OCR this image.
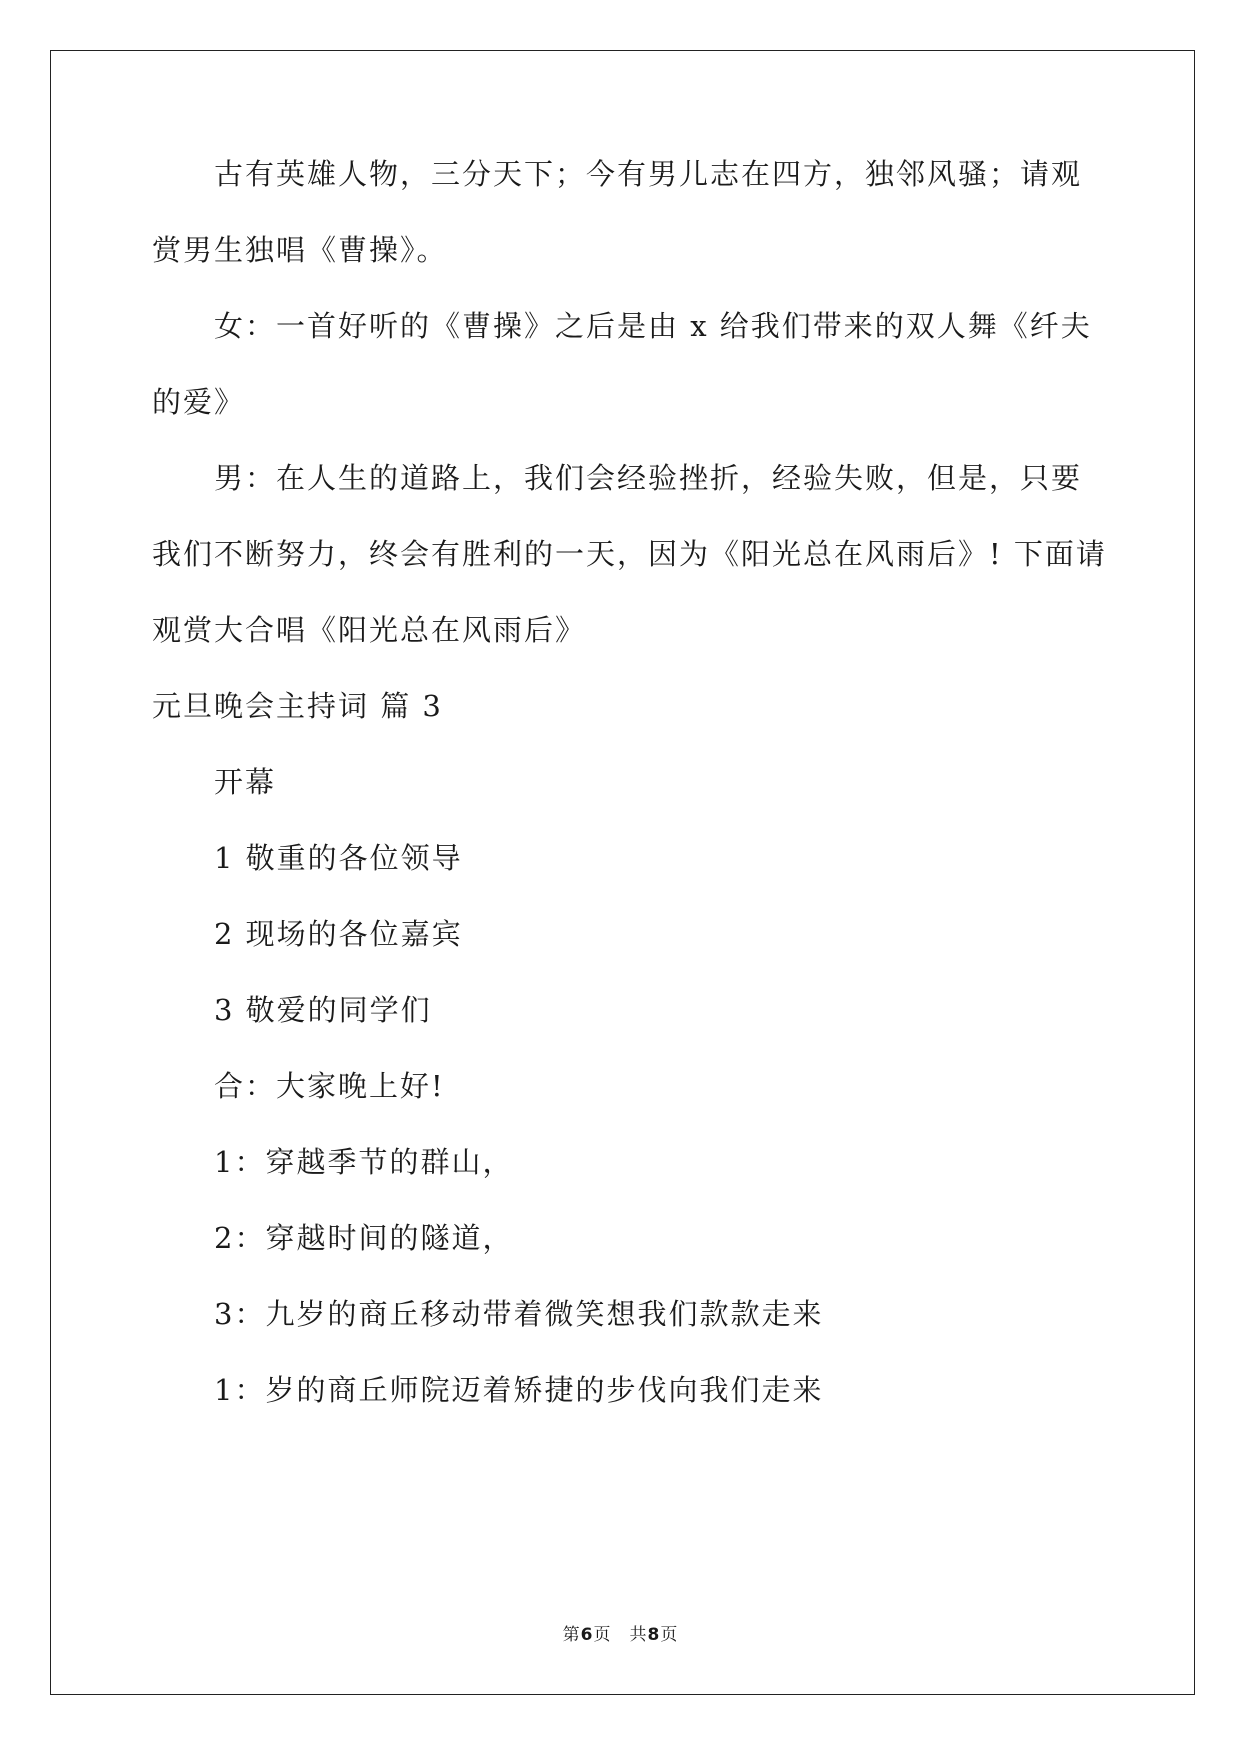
古有英雄人物，三分天下；今有男儿志在四方，独邻风骚；请观
赏男生独唱《曹操》。
女：一首好听的《曹操》之后是由 x 给我们带来的双人舞《纤夫
的爱》
男：在人生的道路上，我们会经验挫折，经验失败，但是，只要
我们不断努力，终会有胜利的一天，因为《阳光总在风雨后》! 下面请
观赏大合唱《阳光总在风雨后》
元旦晚会主持词 篇 3
开幕
1 敬重的各位领导
2 现场的各位嘉宾
3 敬爱的同学们
合：大家晚上好!
1：穿越季节的群山，
2：穿越时间的隧道，
3：九岁的商丘移动带着微笑想我们款款走来
1：岁的商丘师院迈着矫捷的步伐向我们走来
第6页　共8页
